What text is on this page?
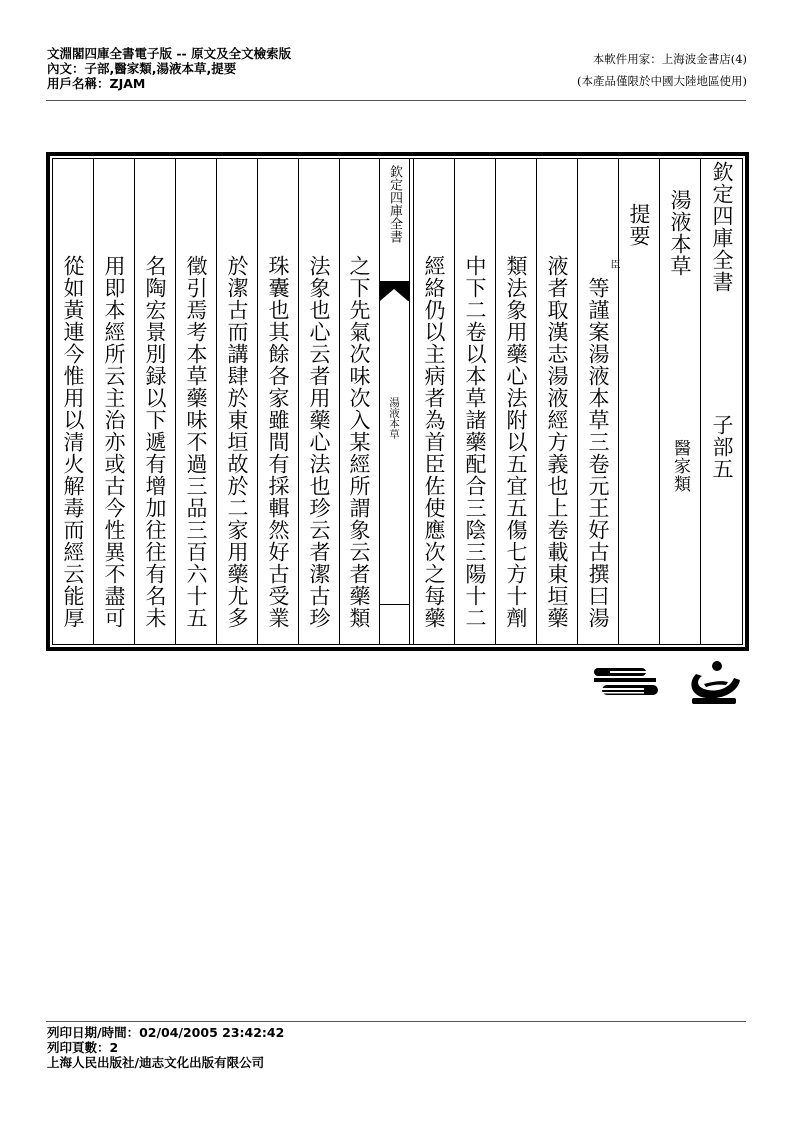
文淵閣四庫全書電子版 -- 原文及全文檢索版
內文：子部,醫家類,湯液本草,提要
用戶名稱：ZJAM
本軟件用家：上海波金書店(4)
(本產品僅限於中國大陸地區使用)
欽定四庫全書
子部五
湯液本草
醫家類
提要
臣
等謹案湯液本草三卷元王好古撰曰湯
液者取漢志湯液經方義也上卷載東垣藥
類法象用藥心法附以五宜五傷七方十劑
中下二卷以本草諸藥配合三陰三陽十二
經絡仍以主病者為首臣佐使應次之每藥
欽定四庫全書
湯液本草
之下先氣次味次入某經所謂象云者藥類
法象也心云者用藥心法也珍云者潔古珍
珠囊也其餘各家雖間有採輯然好古受業
於潔古而講肆於東垣故於二家用藥尤多
徵引焉考本草藥味不過三品三百六十五
名陶宏景別録以下遞有增加往往有名未
用即本經所云主治亦或古今性異不盡可
從如黃連今惟用以清火解毒而經云能厚
列印日期/時間：02/04/2005 23:42:42
列印頁數：2
上海人民出版社/迪志文化出版有限公司
